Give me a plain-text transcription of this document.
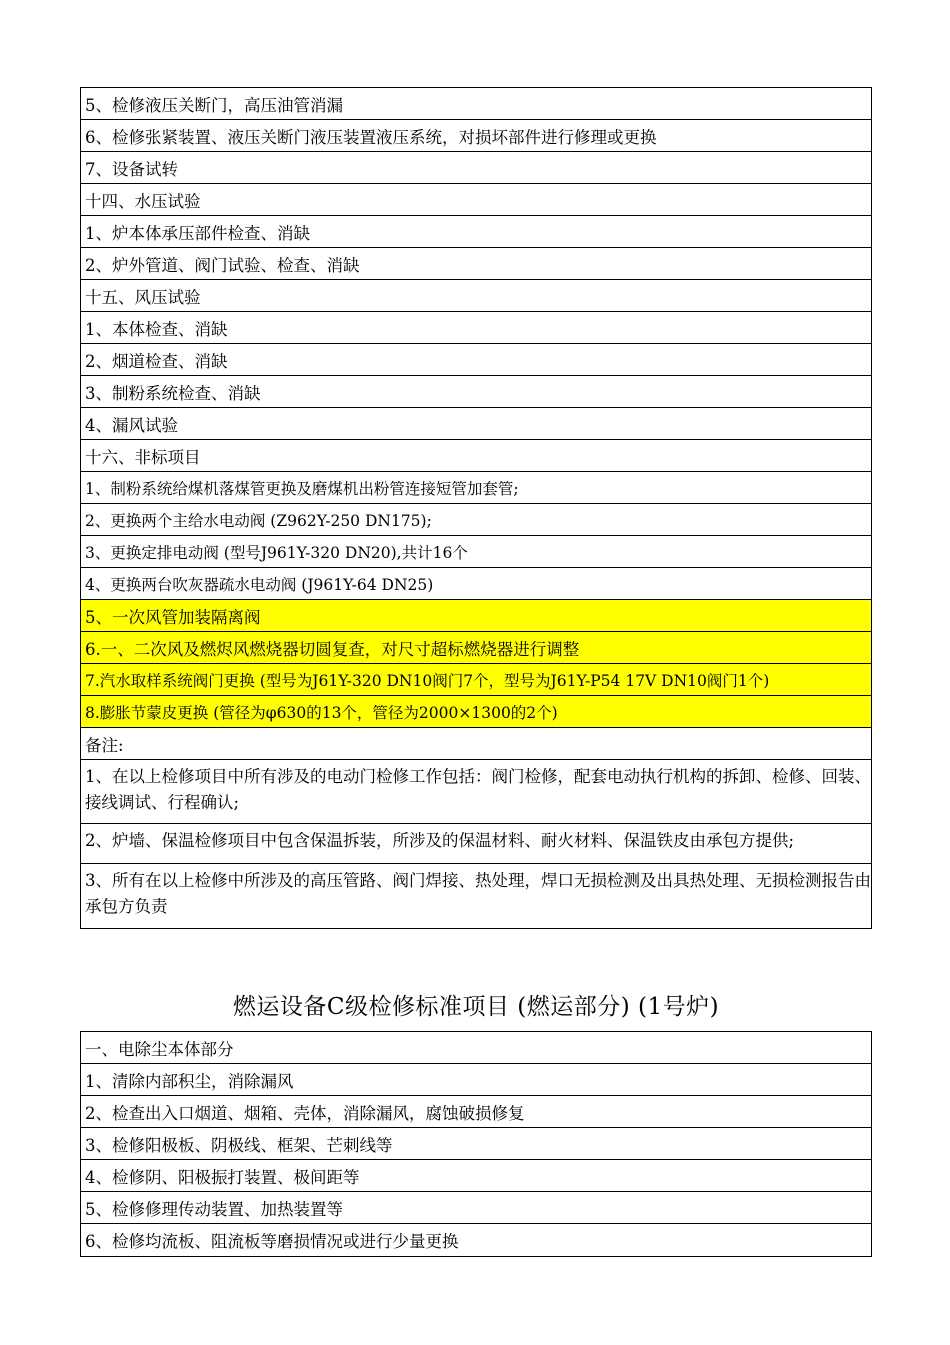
5、检修液压关断门，高压油管消漏
6、检修张紧装置、液压关断门液压装置液压系统，对损坏部件进行修理或更换
7、设备试转
十四、水压试验
1、炉本体承压部件检查、消缺
2、炉外管道、阀门试验、检查、消缺
十五、风压试验
1、本体检查、消缺
2、烟道检查、消缺
3、制粉系统检查、消缺
4、漏风试验
十六、非标项目
1、制粉系统给煤机落煤管更换及磨煤机出粉管连接短管加套管;
2、更换两个主给水电动阀 (Z962Y-250 DN175);
3、更换定排电动阀 (型号J961Y-320 DN20),共计16个
4、更换两台吹灰器疏水电动阀 (J961Y-64 DN25)
5、一次风管加装隔离阀
6.一、二次风及燃烬风燃烧器切圆复查，对尺寸超标燃烧器进行调整
7.汽水取样系统阀门更换 (型号为J61Y-320 DN10阀门7个，型号为J61Y-P54 17V DN10阀门1个)
8.膨胀节蒙皮更换 (管径为φ630的13个，管径为2000×1300的2个)
备注:
1、在以上检修项目中所有涉及的电动门检修工作包括：阀门检修，配套电动执行机构的拆卸、检修、回装、接线调试、行程确认;
2、炉墙、保温检修项目中包含保温拆装，所涉及的保温材料、耐火材料、保温铁皮由承包方提供;
3、所有在以上检修中所涉及的高压管路、阀门焊接、热处理，焊口无损检测及出具热处理、无损检测报告由承包方负责
燃运设备C级检修标准项目 (燃运部分) (1号炉)
一、电除尘本体部分
1、清除内部积尘，消除漏风
2、检查出入口烟道、烟箱、壳体，消除漏风，腐蚀破损修复
3、检修阳极板、阴极线、框架、芒刺线等
4、检修阴、阳极振打装置、极间距等
5、检修修理传动装置、加热装置等
6、检修均流板、阻流板等磨损情况或进行少量更换
